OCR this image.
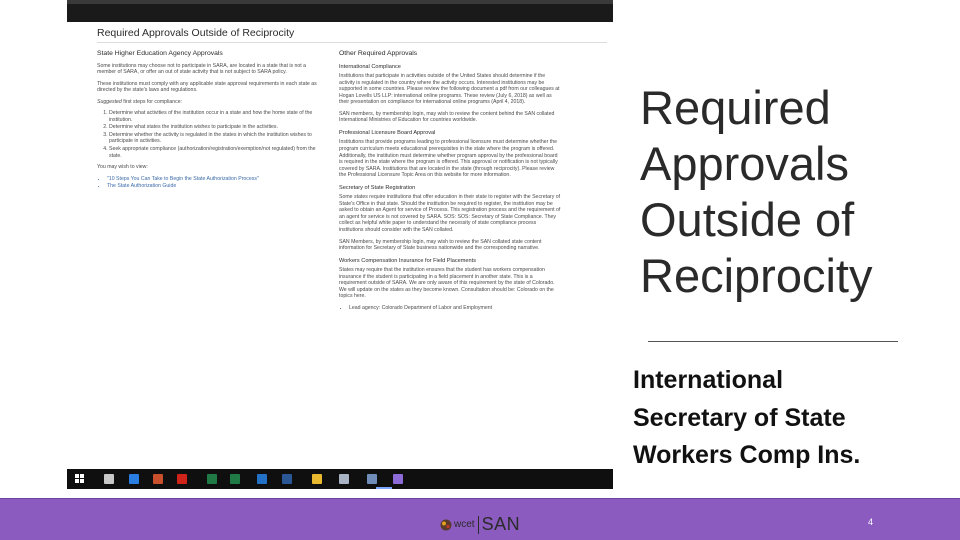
Required Approvals Outside of Reciprocity
State Higher Education Agency Approvals

Some institutions may choose not to participate in SARA, are located in a state that is not a member of SARA, or offer an out of state activity that is not subject to SARA policy.

These institutions must comply with any applicable state approval requirements in each state as directed by the state's laws and regulations.

Suggested first steps for compliance:

1. Determine what activities of the institution occur in a state and how the home state of the institution.
2. Determine what states the institution wishes to participate in the activities.
3. Determine whether the activity is regulated in the states in which the institution wishes to participate in activities.
4. Seek appropriate compliance (authorization/registration/exemption/not regulated) from the state.

You may wish to view:

• "10 Steps You Can Take to Begin the State Authorization Process"
• The State Authorization Guide
Other Required Approvals
International Compliance

Institutions that participate in activities outside of the United States should determine if the activity is regulated in the country where the activity occurs. Interested institutions may be supported in some countries. Please review the following document a pdf from our colleagues at Hogan Lovells US LLP: international online programs. These review (July 6, 2018) as well as their presentation on compliance for international online programs (April 4, 2018).

SAN members, by membership login, may wish to review the content behind the SAN collated International Ministries of Education for countries worldwide.

Professional Licensure Board Approval

Institutions that provide programs leading to professional licensure must determine whether the program curriculum meets educational prerequisites in the state where the program is offered. Additionally, the institution must determine whether program approval by the professional board is required in the state where the program is offered. This approval or notification is not typically covered by SARA. Institutions that are located in the state (through reciprocity). Please review the Professional Licensure Topic Area on this website for more information.

Secretary of State Registration

Some states require institutions that offer education in their state to register with the Secretary of State's Office in that state. Should the institution be required to register, the institution may be asked to obtain an Agent for service of Process. This registration process and the requirement of an agent for service is not covered by SARA. SOS: SOS: Secretary of State Compliance. They collect as helpful white paper to understand the necessity of state compliance process institutions should consider with the SAN collated.

SAN Members, by membership login, may wish to review the SAN collated state content information for Secretary of State business nationwide and the corresponding narrative.

Workers Compensation Insurance for Field Placements

States may require that the institution ensures that the student has workers compensation insurance if the student is participating in a field placement in another state. This is a requirement outside of SARA. We are only aware of this requirement by the state of Colorado. We will update on the states as they become known. Consultation should be: Colorado on the topics here.

• Lead agency: Colorado Department of Labor and Employment
Required Approvals Outside of Reciprocity
International
Secretary of State
Workers Comp Ins.
wcet SAN	4
